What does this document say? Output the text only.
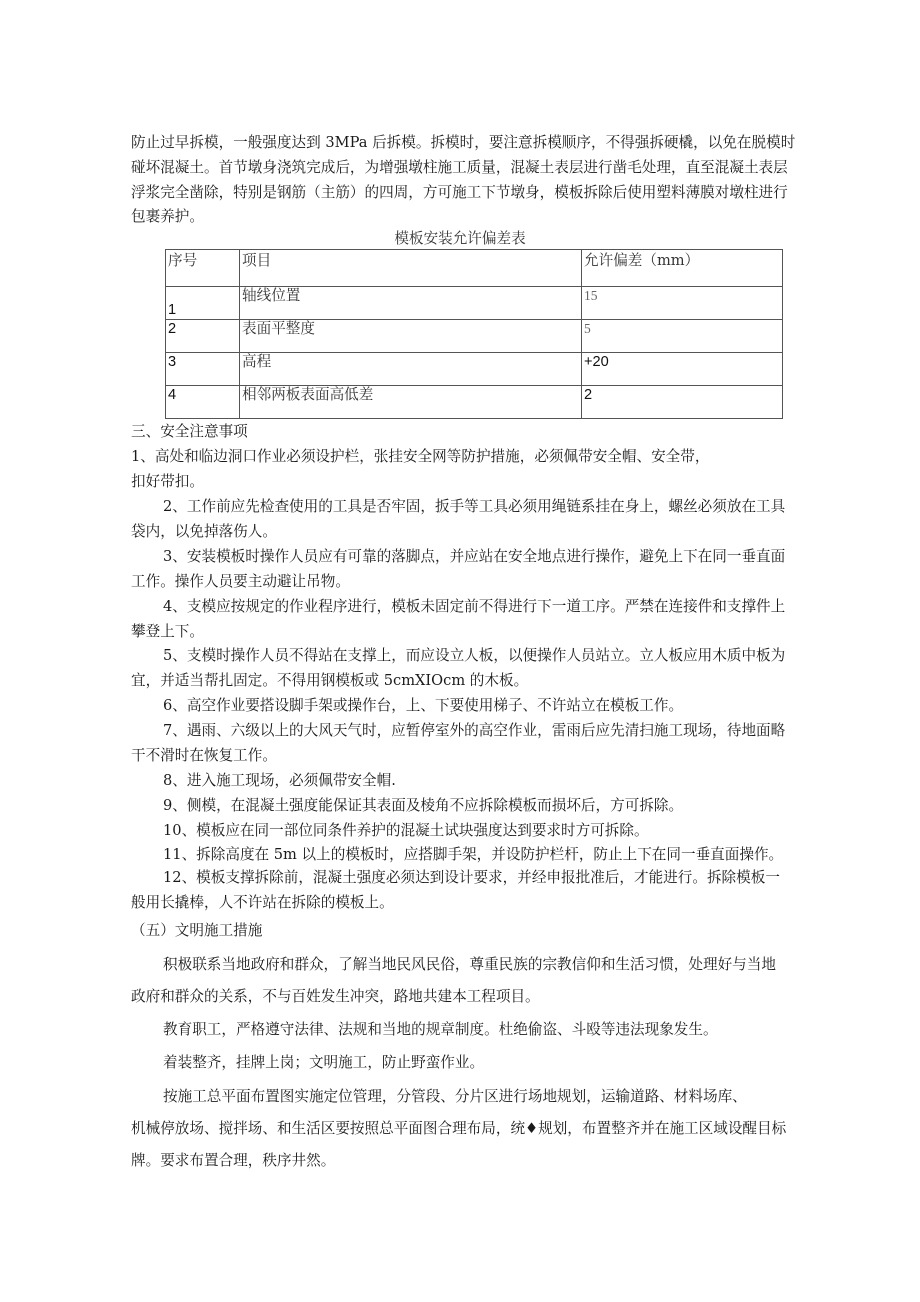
防止过早拆模，一般强度达到 3MPa 后拆模。拆模时，要注意拆模顺序，不得强拆硬橇，以免在脱模时
碰坏混凝土。首节墩身浇筑完成后，为增强墩柱施工质量，混凝土表层进行凿毛处理，直至混凝土表层
浮浆完全凿除，特别是钢筋（主筋）的四周，方可施工下节墩身，模板拆除后使用塑料薄膜对墩柱进行
包裹养护。
模板安装允许偏差表
序号	项目	允许偏差（mm）
1	轴线位置	15
2	表面平整度	5
3	高程	+20
4	相邻两板表面高低差	2
三、安全注意事项
1、高处和临边洞口作业必须设护栏，张挂安全网等防护措施，必须佩带安全帽、安全带，
扣好带扣。
2、工作前应先检查使用的工具是否牢固，扳手等工具必须用绳链系挂在身上，螺丝必须放在工具
袋内，以免掉落伤人。
3、安装模板时操作人员应有可靠的落脚点，并应站在安全地点进行操作，避免上下在同一垂直面
工作。操作人员要主动避让吊物。
4、支模应按规定的作业程序进行，模板未固定前不得进行下一道工序。严禁在连接件和支撑件上
攀登上下。
5、支模时操作人员不得站在支撑上，而应设立人板，以便操作人员站立。立人板应用木质中板为
宜，并适当帮扎固定。不得用钢模板或 5cmXIOcm 的木板。
6、高空作业要搭设脚手架或操作台，上、下要使用梯子、不许站立在模板工作。
7、遇雨、六级以上的大风天气时，应暂停室外的高空作业，雷雨后应先清扫施工现场，待地面略
干不滑时在恢复工作。
8、进入施工现场，必须佩带安全帽.
9、侧模，在混凝土强度能保证其表面及棱角不应拆除模板而损坏后，方可拆除。
10、模板应在同一部位同条件养护的混凝土试块强度达到要求时方可拆除。
11、拆除高度在 5m 以上的模板时，应搭脚手架，并设防护栏杆，防止上下在同一垂直面操作。
12、模板支撑拆除前，混凝土强度必须达到设计要求，并经申报批准后，才能进行。拆除模板一
般用长撬棒，人不许站在拆除的模板上。
（五）文明施工措施
积极联系当地政府和群众，了解当地民风民俗，尊重民族的宗教信仰和生活习惯，处理好与当地
政府和群众的关系，不与百姓发生冲突，路地共建本工程项目。
教育职工，严格遵守法律、法规和当地的规章制度。杜绝偷盗、斗殴等违法现象发生。
着装整齐，挂牌上岗；文明施工，防止野蛮作业。
按施工总平面布置图实施定位管理，分管段、分片区进行场地规划，运输道路、材料场库、
机械停放场、搅拌场、和生活区要按照总平面图合理布局，统♦规划，布置整齐并在施工区域设醒目标
牌。要求布置合理，秩序井然。
